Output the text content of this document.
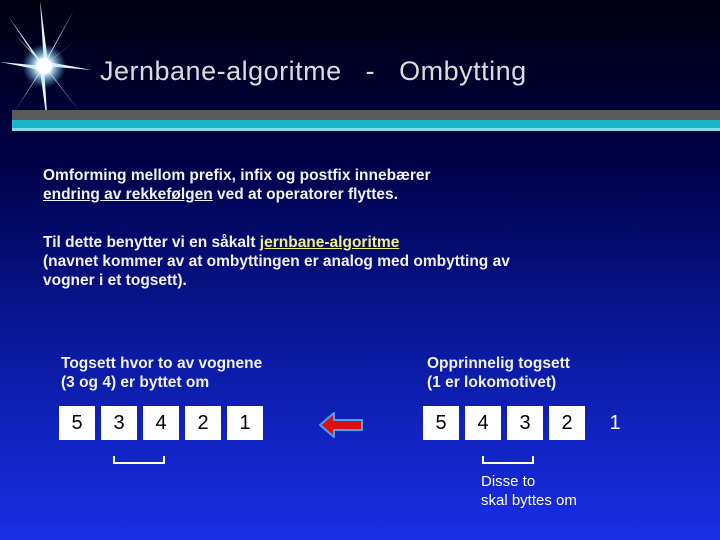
Jernbane-algoritme   -   Ombytting
Omforming mellom prefix, infix og postfix innebærer
endring av rekkefølgen ved at operatorer flyttes.
Til dette benytter vi en såkalt jernbane-algoritme
(navnet kommer av at ombyttingen er analog med ombytting av
vogner i et togsett).
Togsett hvor to av vognene
(3 og 4) er byttet om
Opprinnelig togsett
(1 er lokomotivet)
5	3	4	2	1	5	4	3	2	1
Disse to
skal byttes om
